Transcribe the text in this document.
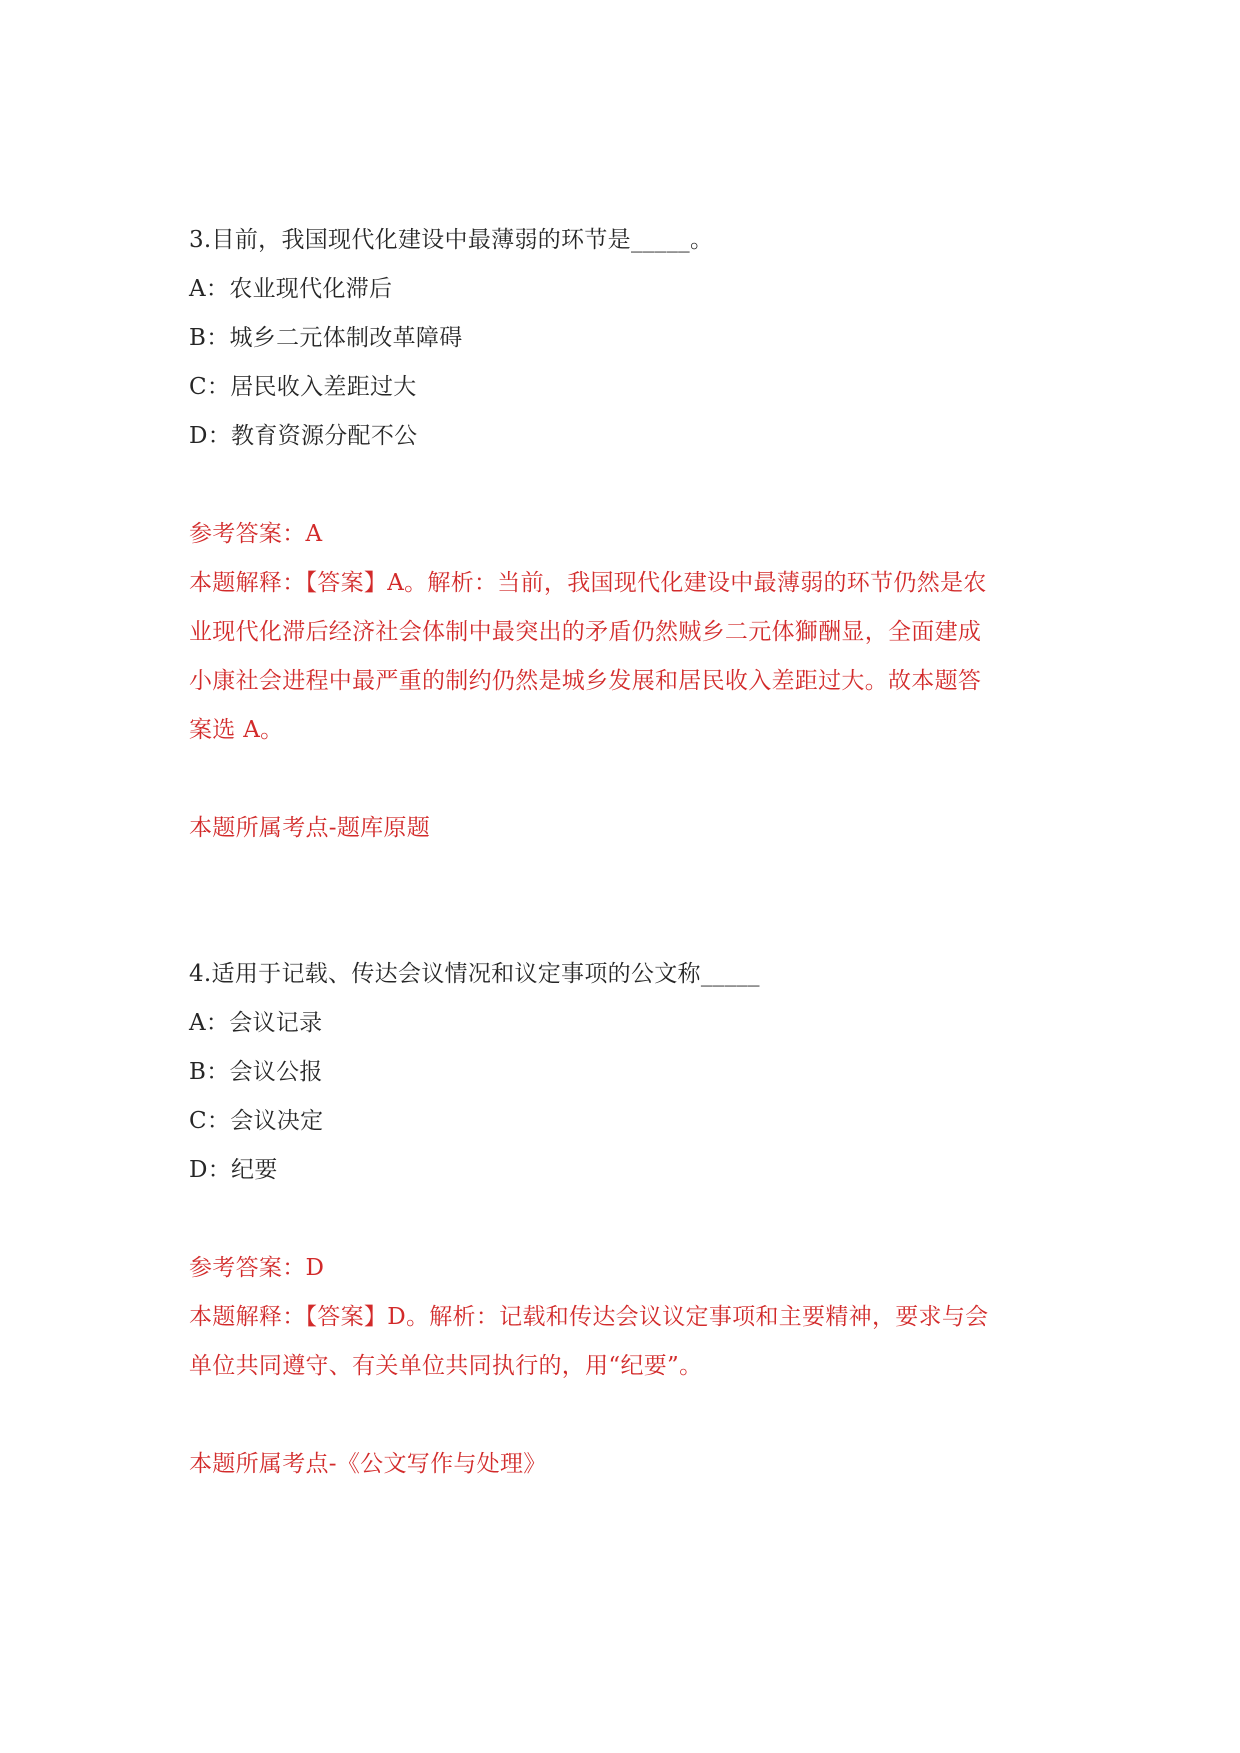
3.目前，我国现代化建设中最薄弱的环节是_____。
A：农业现代化滞后
B：城乡二元体制改革障碍
C：居民收入差距过大
D：教育资源分配不公
参考答案：A
本题解释：【答案】A。解析：当前，我国现代化建设中最薄弱的环节仍然是农
业现代化滞后经济社会体制中最突出的矛盾仍然贼乡二元体獅酬显，全面建成
小康社会进程中最严重的制约仍然是城乡发展和居民收入差距过大。故本题答
案选 A。
本题所属考点-题库原题
4.适用于记载、传达会议情况和议定事项的公文称_____
A：会议记录
B：会议公报
C：会议决定
D：纪要
参考答案：D
本题解释：【答案】D。解析：记载和传达会议议定事项和主要精神，要求与会
单位共同遵守、有关单位共同执行的，用“纪要”。
本题所属考点-《公文写作与处理》
